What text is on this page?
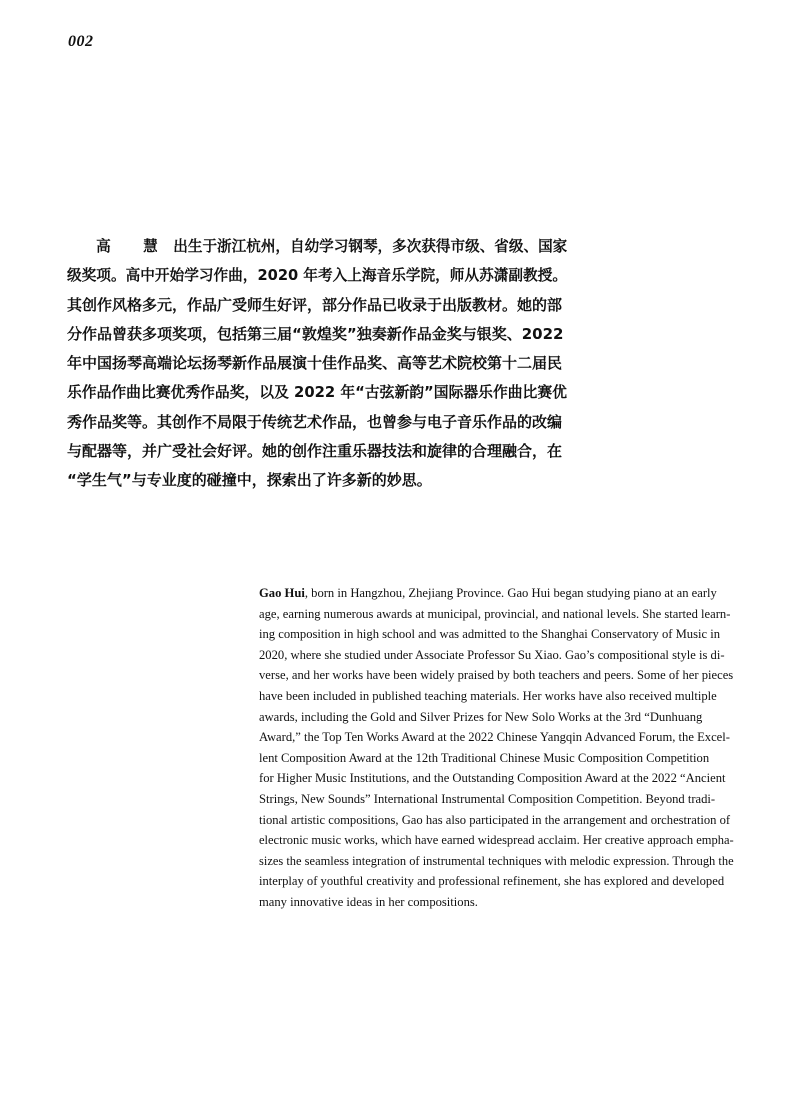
002
高 慧 出生于浙江杭州，自幼学习钢琴，多次获得市级、省级、国家
级奖项。高中开始学习作曲，2020 年考入上海音乐学院，师从苏潇副教授。
其创作风格多元，作品广受师生好评，部分作品已收录于出版教材。她的部
分作品曾获多项奖项，包括第三届“敦煌奖”独奏新作品金奖与银奖、2022
年中国扬琴高端论坛扬琴新作品展演十佳作品奖、高等艺术院校第十二届民
乐作品作曲比赛优秀作品奖，以及 2022 年“古弦新韵”国际器乐作曲比赛优
秀作品奖等。其创作不局限于传统艺术作品，也曾参与电子音乐作品的改编
与配器等，并广受社会好评。她的创作注重乐器技法和旋律的合理融合，在
“学生气”与专业度的碰撞中，探索出了许多新的妙思。
Gao Hui, born in Hangzhou, Zhejiang Province. Gao Hui began studying piano at an early
age, earning numerous awards at municipal, provincial, and national levels. She started learn-
ing composition in high school and was admitted to the Shanghai Conservatory of Music in
2020, where she studied under Associate Professor Su Xiao. Gao’s compositional style is di-
verse, and her works have been widely praised by both teachers and peers. Some of her pieces
have been included in published teaching materials. Her works have also received multiple
awards, including the Gold and Silver Prizes for New Solo Works at the 3rd “Dunhuang
Award,” the Top Ten Works Award at the 2022 Chinese Yangqin Advanced Forum, the Excel-
lent Composition Award at the 12th Traditional Chinese Music Composition Competition
for Higher Music Institutions, and the Outstanding Composition Award at the 2022 “Ancient
Strings, New Sounds” International Instrumental Composition Competition. Beyond tradi-
tional artistic compositions, Gao has also participated in the arrangement and orchestration of
electronic music works, which have earned widespread acclaim. Her creative approach empha-
sizes the seamless integration of instrumental techniques with melodic expression. Through the
interplay of youthful creativity and professional refinement, she has explored and developed
many innovative ideas in her compositions.
